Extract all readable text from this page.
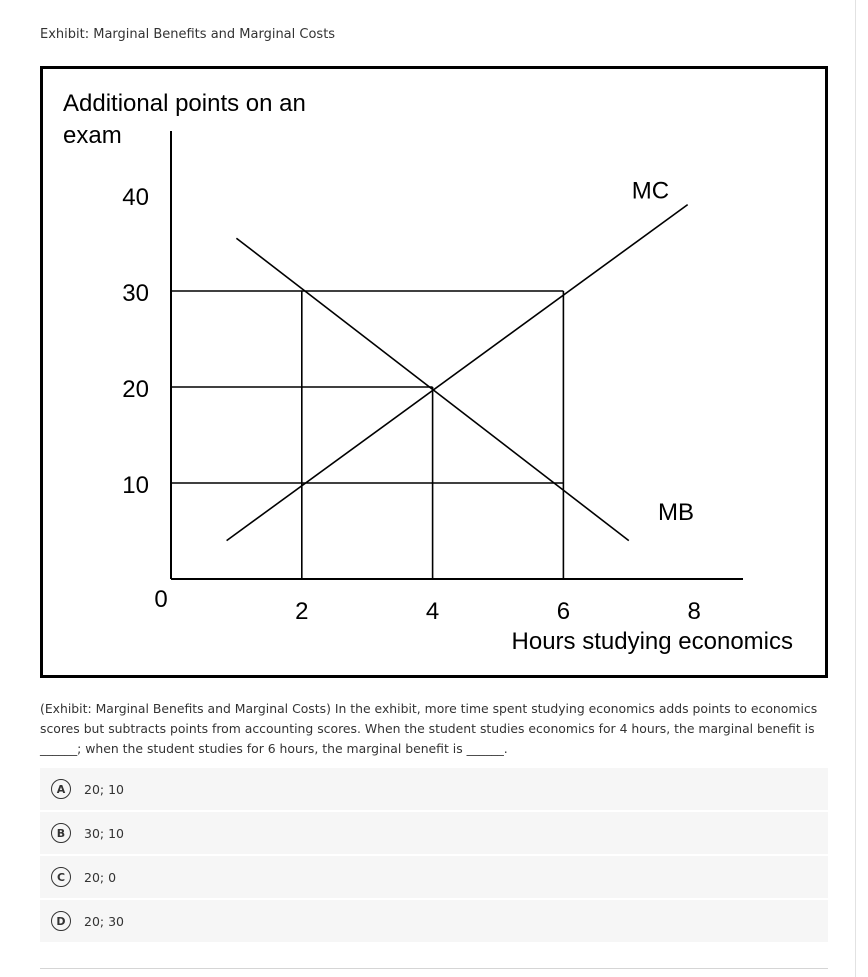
Exhibit: Marginal Benefits and Marginal Costs
10
20
30
40
0	2	4	6	8
Additional points on an
exam
Hours studying economics
MC
MB
(Exhibit: Marginal Benefits and Marginal Costs) In the exhibit, more time spent studying economics adds points to economics scores but subtracts points from accounting scores. When the student studies economics for 4 hours, the marginal benefit is ______; when the student studies for 6 hours, the marginal benefit is ______.
A	20; 10
B	30; 10
C	20; 0
D	20; 30
